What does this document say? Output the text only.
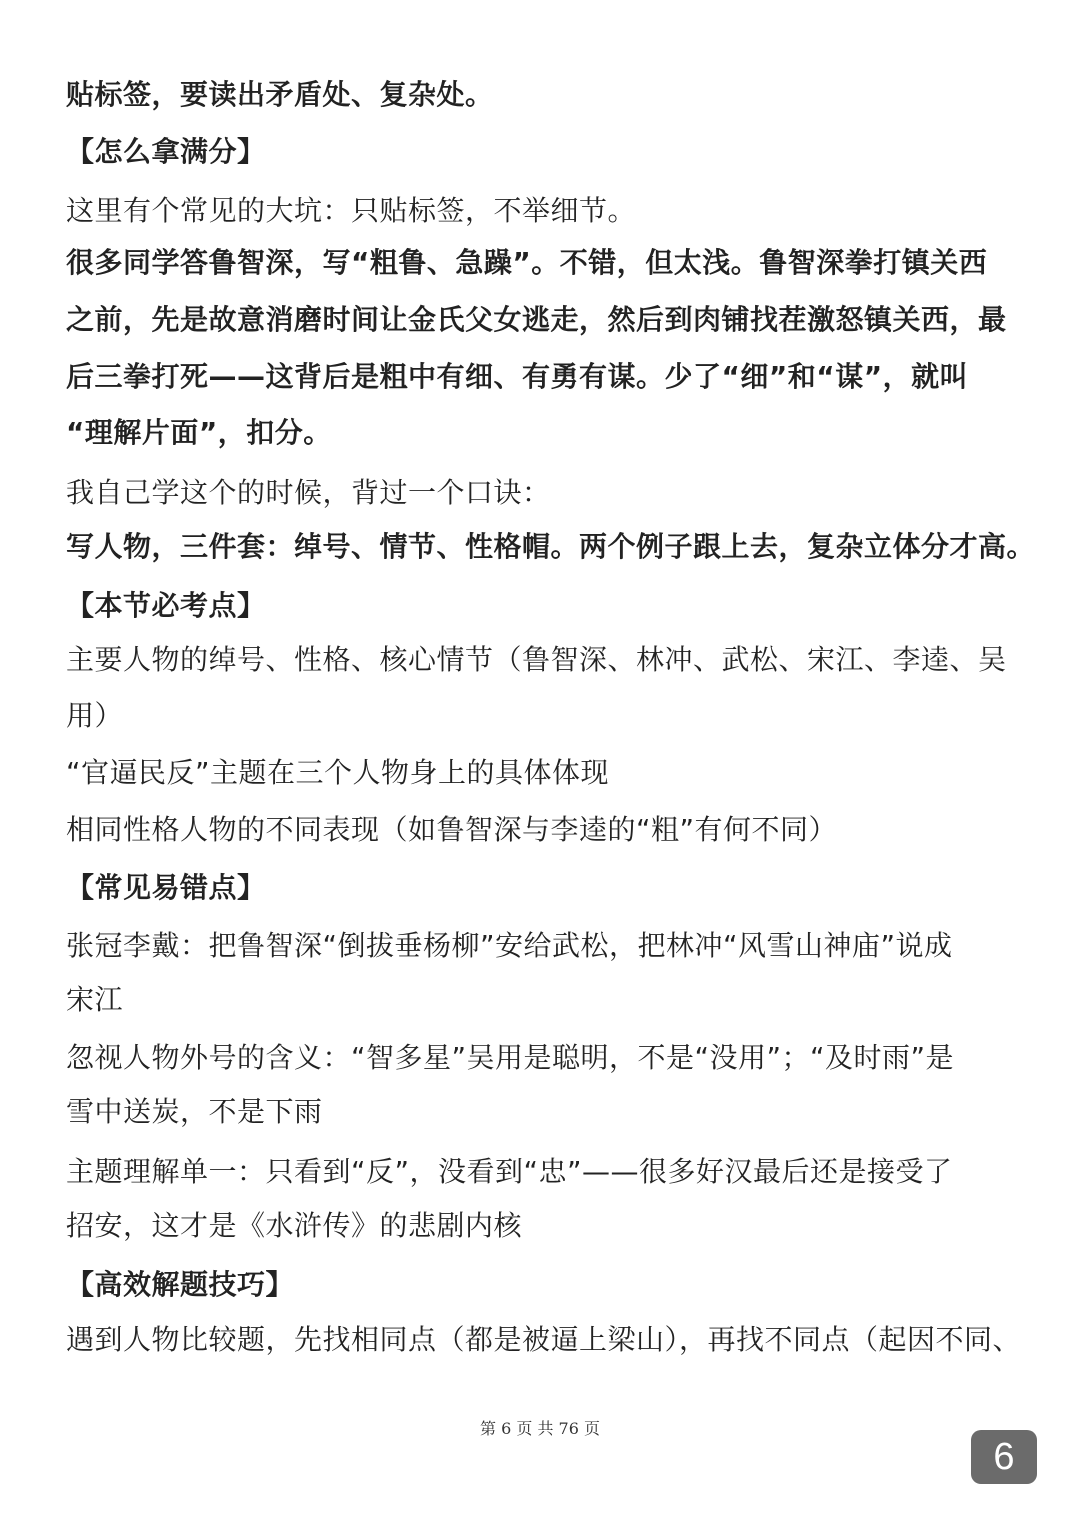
贴标签，要读出矛盾处、复杂处。
【怎么拿满分】
这里有个常见的大坑：只贴标签，不举细节。
很多同学答鲁智深，写“粗鲁、急躁”。不错，但太浅。鲁智深拳打镇关西
之前，先是故意消磨时间让金氏父女逃走，然后到肉铺找茬激怒镇关西，最
后三拳打死——这背后是粗中有细、有勇有谋。少了“细”和“谋”，就叫
“理解片面”，扣分。
我自己学这个的时候，背过一个口诀：
写人物，三件套：绰号、情节、性格帽。两个例子跟上去，复杂立体分才高。
【本节必考点】
主要人物的绰号、性格、核心情节（鲁智深、林冲、武松、宋江、李逵、吴
用）
“官逼民反”主题在三个人物身上的具体体现
相同性格人物的不同表现（如鲁智深与李逵的“粗”有何不同）
【常见易错点】
张冠李戴：把鲁智深“倒拔垂杨柳”安给武松，把林冲“风雪山神庙”说成
宋江
忽视人物外号的含义：“智多星”吴用是聪明，不是“没用”；“及时雨”是
雪中送炭，不是下雨
主题理解单一：只看到“反”，没看到“忠”——很多好汉最后还是接受了
招安，这才是《水浒传》的悲剧内核
【高效解题技巧】
遇到人物比较题，先找相同点（都是被逼上梁山），再找不同点（起因不同、
第 6 页 共 76 页
6
